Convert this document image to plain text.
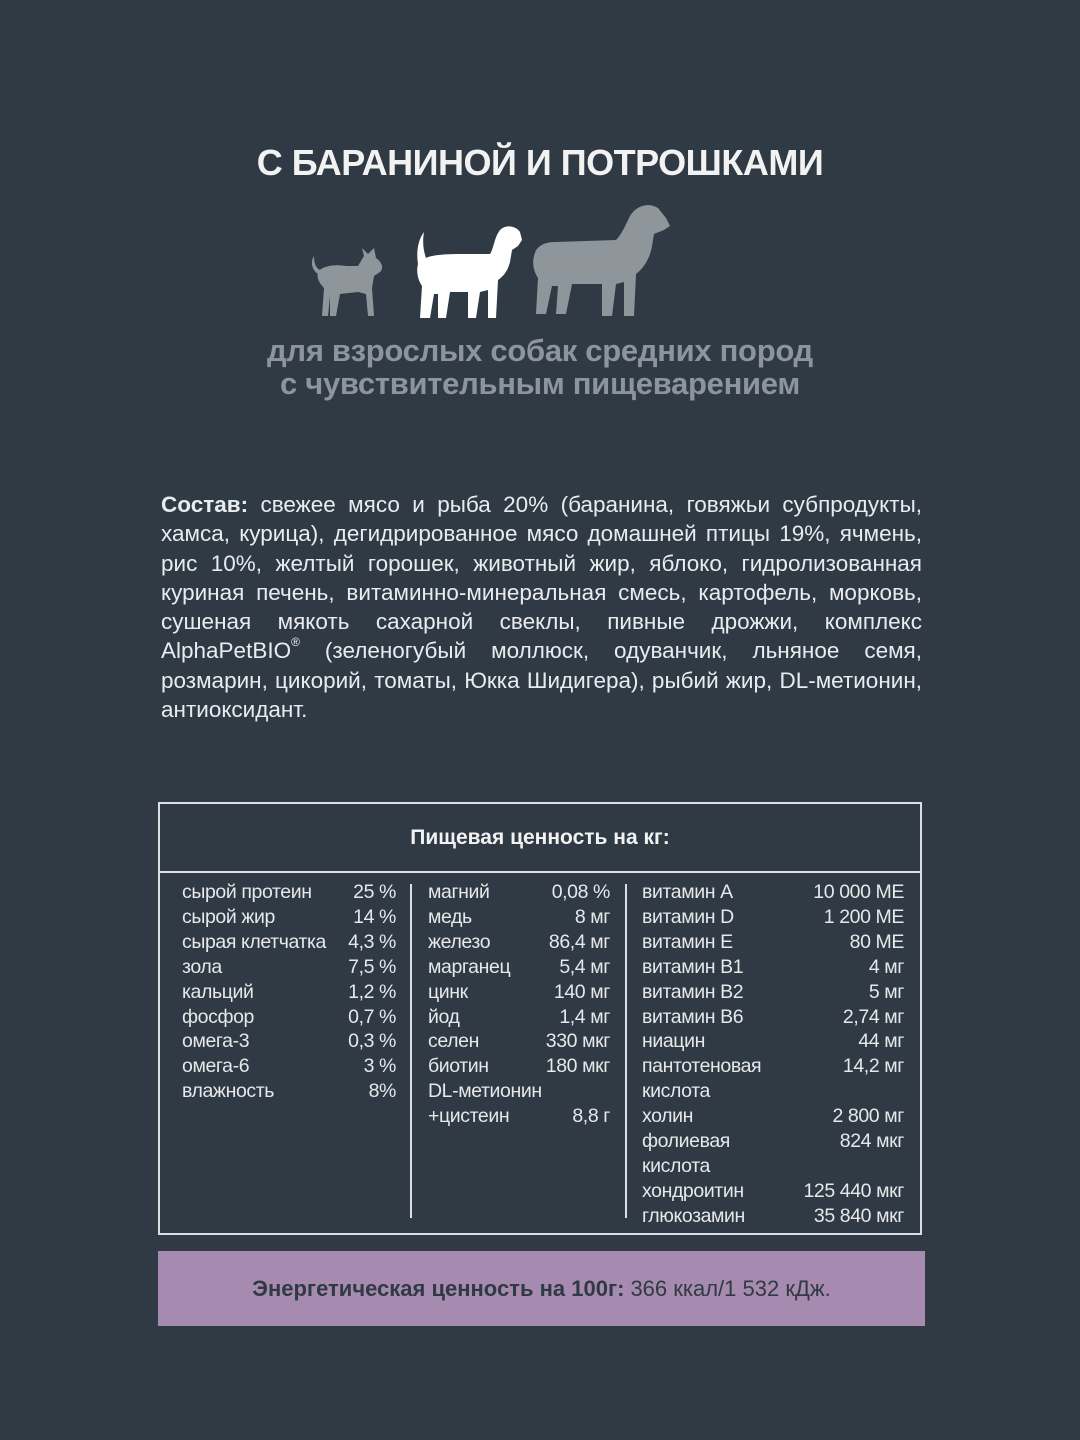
С БАРАНИНОЙ И ПОТРОШКАМИ
для взрослых собак средних пород
с чувствительным пищеварением
Состав: свежее мясо и рыба 20% (баранина, говяжьи субпродукты, хамса, курица), дегидрированное мясо домашней птицы 19%, ячмень, рис 10%, желтый горошек, животный жир, яблоко, гидролизованная куриная печень, витаминно-минеральная смесь, картофель, морковь, сушеная мякоть сахарной свеклы, пивные дрожжи, комплекс AlphaPetBIO® (зеленогубый моллюск, одуванчик, льняное семя, розмарин, цикорий, томаты, Юкка Шидигера), рыбий жир, DL-метионин, антиоксидант.
Пищевая ценность на кг:
сырой протеин 25 %
сырой жир	14 %
сырая клетчатка 4,3 %
зола	7,5 %
кальций	1,2 %
фосфор	0,7 %
омега-3	0,3 %
омега-6	3 %
влажность	8%
магний	0,08 %
медь	8 мг
железо	86,4 мг
марганец	5,4 мг
цинк	140 мг
йод	1,4 мг
селен	330 мкг
биотин	180 мкг
DL-метионин
+цистеин	8,8 г
витамин А	10 000 МЕ
витамин D	1 200 МЕ
витамин Е	80 МЕ
витамин B1	4 мг
витамин B2	5 мг
витамин B6	2,74 мг
ниацин	44 мг
пантотеновая	14,2 мг
кислота
холин	2 800 мг
фолиевая	824 мкг
кислота
хондроитин	125 440 мкг
глюкозамин	35 840 мкг
Энергетическая ценность на 100г: 366 ккал/1 532 кДж.
